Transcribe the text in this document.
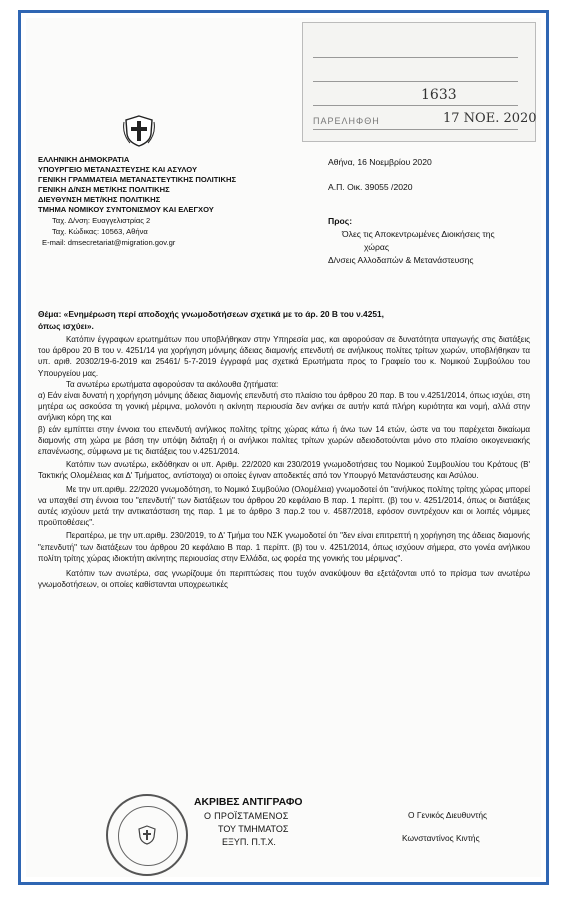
1633
ΠΑΡΕΛΗΦΘΗ	17 ΝΟΕ. 2020
ΕΛΛΗΝΙΚΗ ΔΗΜΟΚΡΑΤΙΑ
ΥΠΟΥΡΓΕΙΟ ΜΕΤΑΝΑΣΤΕΥΣΗΣ ΚΑΙ ΑΣΥΛΟΥ
ΓΕΝΙΚΗ ΓΡΑΜΜΑΤΕΙΑ ΜΕΤΑΝΑΣΤΕΥΤΙΚΗΣ ΠΟΛΙΤΙΚΗΣ
ΓΕΝΙΚΗ Δ/ΝΣΗ ΜΕΤ/ΚΗΣ ΠΟΛΙΤΙΚΗΣ
ΔΙΕΥΘΥΝΣΗ ΜΕΤ/ΚΗΣ ΠΟΛΙΤΙΚΗΣ
ΤΜΗΜΑ ΝΟΜΙΚΟΥ ΣΥΝΤΟΝΙΣΜΟΥ ΚΑΙ ΕΛΕΓΧΟΥ
Ταχ. Δ/νση: Ευαγγελιστρίας 2
Ταχ. Κώδικας: 10563, Αθήνα
E-mail: dmsecretariat@migration.gov.gr
Αθήνα, 16 Νοεμβρίου 2020
Α.Π. Οικ. 39055 /2020
Προς:
Όλες τις Αποκεντρωμένες Διοικήσεις της
χώρας
Δ/νσεις Αλλοδαπών & Μετανάστευσης

Θέμα: «Ενημέρωση περί αποδοχής γνωμοδοτήσεων σχετικά με το άρ. 20 Β του ν.4251,

όπως ισχύει».

Κατόπιν έγγραφων ερωτημάτων που υποβλήθηκαν στην Υπηρεσία μας, και αφορούσαν σε δυνατότητα υπαγωγής στις διατάξεις του άρθρου 20 Β του ν. 4251/14 για χορήγηση μόνιμης άδειας διαμονής επενδυτή σε ανήλικους πολίτες τρίτων χωρών, υποβλήθηκαν τα υπ. αριθ. 20302/19-6-2019 και 25461/ 5-7-2019 έγγραφά μας σχετικά Ερωτήματα προς το Γραφείο του κ. Νομικού Συμβούλου του Υπουργείου μας.

Τα ανωτέρω ερωτήματα αφορούσαν τα ακόλουθα ζητήματα:

α) Εάν είναι δυνατή η χορήγηση μόνιμης άδειας διαμονής επενδυτή στο πλαίσιο του άρθρου 20 παρ. Β του ν.4251/2014, όπως ισχύει, στη μητέρα ως ασκούσα τη γονική μέριμνα, μολονότι η ακίνητη περιουσία δεν ανήκει σε αυτήν κατά πλήρη κυριότητα και νομή, αλλά στην ανήλικη κόρη της και

β) εάν εμπίπτει στην έννοια του επενδυτή ανήλικος πολίτης τρίτης χώρας κάτω ή άνω των 14 ετών, ώστε να του παρέχεται δικαίωμα διαμονής στη χώρα με βάση την υπόψη διάταξη ή οι ανήλικοι πολίτες τρίτων χωρών αδειοδοτούνται μόνο στο πλαίσιο οικογενειακής επανένωσης, σύμφωνα με τις διατάξεις του ν.4251/2014.

Κατόπιν των ανωτέρω, εκδόθηκαν οι υπ. Αριθμ. 22/2020 και 230/2019 γνωμοδοτήσεις του Νομικού Συμβουλίου του Κράτους (Β' Τακτικής Ολομέλειας και Δ' Τμήματος, αντίστοιχα) οι οποίες έγιναν αποδεκτές από τον Υπουργό Μετανάστευσης και Ασύλου.

Με την υπ.αριθμ. 22/2020 γνωμοδότηση, το Νομικό Συμβούλιο (Ολομέλεια) γνωμοδοτεί ότι "ανήλικος πολίτης τρίτης χώρας μπορεί να υπαχθεί στη έννοια του "επενδυτή" των διατάξεων του άρθρου 20 κεφάλαιο Β παρ. 1 περίπτ. (β) του ν. 4251/2014, όπως οι διατάξεις αυτές ισχύουν μετά την αντικατάσταση της παρ. 1 με το άρθρο 3 παρ.2 του ν. 4587/2018, εφόσον συντρέχουν και οι λοιπές νόμιμες προϋποθέσεις".

Περαιτέρω, με την υπ.αριθμ. 230/2019, το Δ' Τμήμα του ΝΣΚ γνωμοδοτεί ότι "δεν είναι επιτρεπτή η χορήγηση της άδειας διαμονής "επενδυτή" των διατάξεων του άρθρου 20 κεφάλαιο Β παρ. 1 περίπτ. (β) του ν. 4251/2014, όπως ισχύουν σήμερα, στο γονέα ανήλικου πολίτη τρίτης χώρας ιδιοκτήτη ακίνητης περιουσίας στην Ελλάδα, ως φορέα της γονικής του μέριμνας".

Κατόπιν των ανωτέρω, σας γνωρίζουμε ότι περιπτώσεις που τυχόν ανακύψουν θα εξετάζονται υπό το πρίσμα των ανωτέρω γνωμοδοτήσεων, οι οποίες καθίστανται υποχρεωτικές

ΑΚΡΙΒΕΣ ΑΝΤΙΓΡΑΦΟ
Ο ΠΡΟΪΣΤΑΜΕΝΟΣ
ΤΟΥ ΤΜΗΜΑΤΟΣ
ΕΞΥΠ. Π.Τ.Χ.
Ο Γενικός Διευθυντής
Κωνσταντίνος Κιντής
